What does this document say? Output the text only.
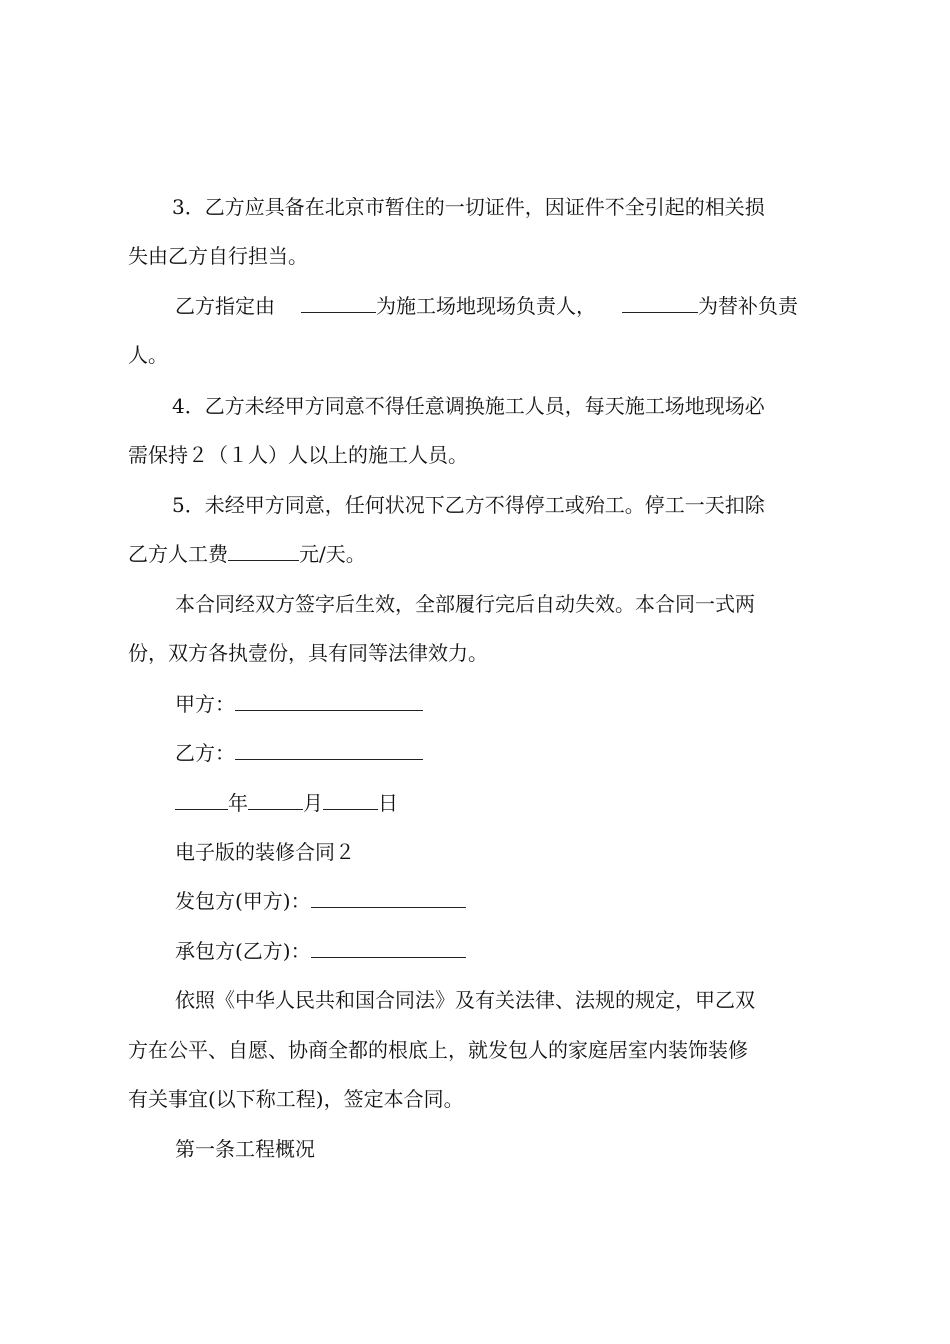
3．乙方应具备在北京市暂住的一切证件，因证件不全引起的相关损
失由乙方自行担当。
乙方指定由	为施工场地现场负责人，	为替补负责
人。
4．乙方未经甲方同意不得任意调换施工人员，每天施工场地现场必
需保持２（１人）人以上的施工人员。
5．未经甲方同意，任何状况下乙方不得停工或殆工。停工一天扣除
乙方人工费	元/天。
本合同经双方签字后生效，全部履行完后自动失效。本合同一式两
份，双方各执壹份，具有同等法律效力。
甲方：
乙方：
年	月	日
电子版的装修合同２
发包方(甲方)：
承包方(乙方)：
依照《中华人民共和国合同法》及有关法律、法规的规定，甲乙双
方在公平、自愿、协商全都的根底上，就发包人的家庭居室内装饰装修
有关事宜(以下称工程)，签定本合同。
第一条工程概况
